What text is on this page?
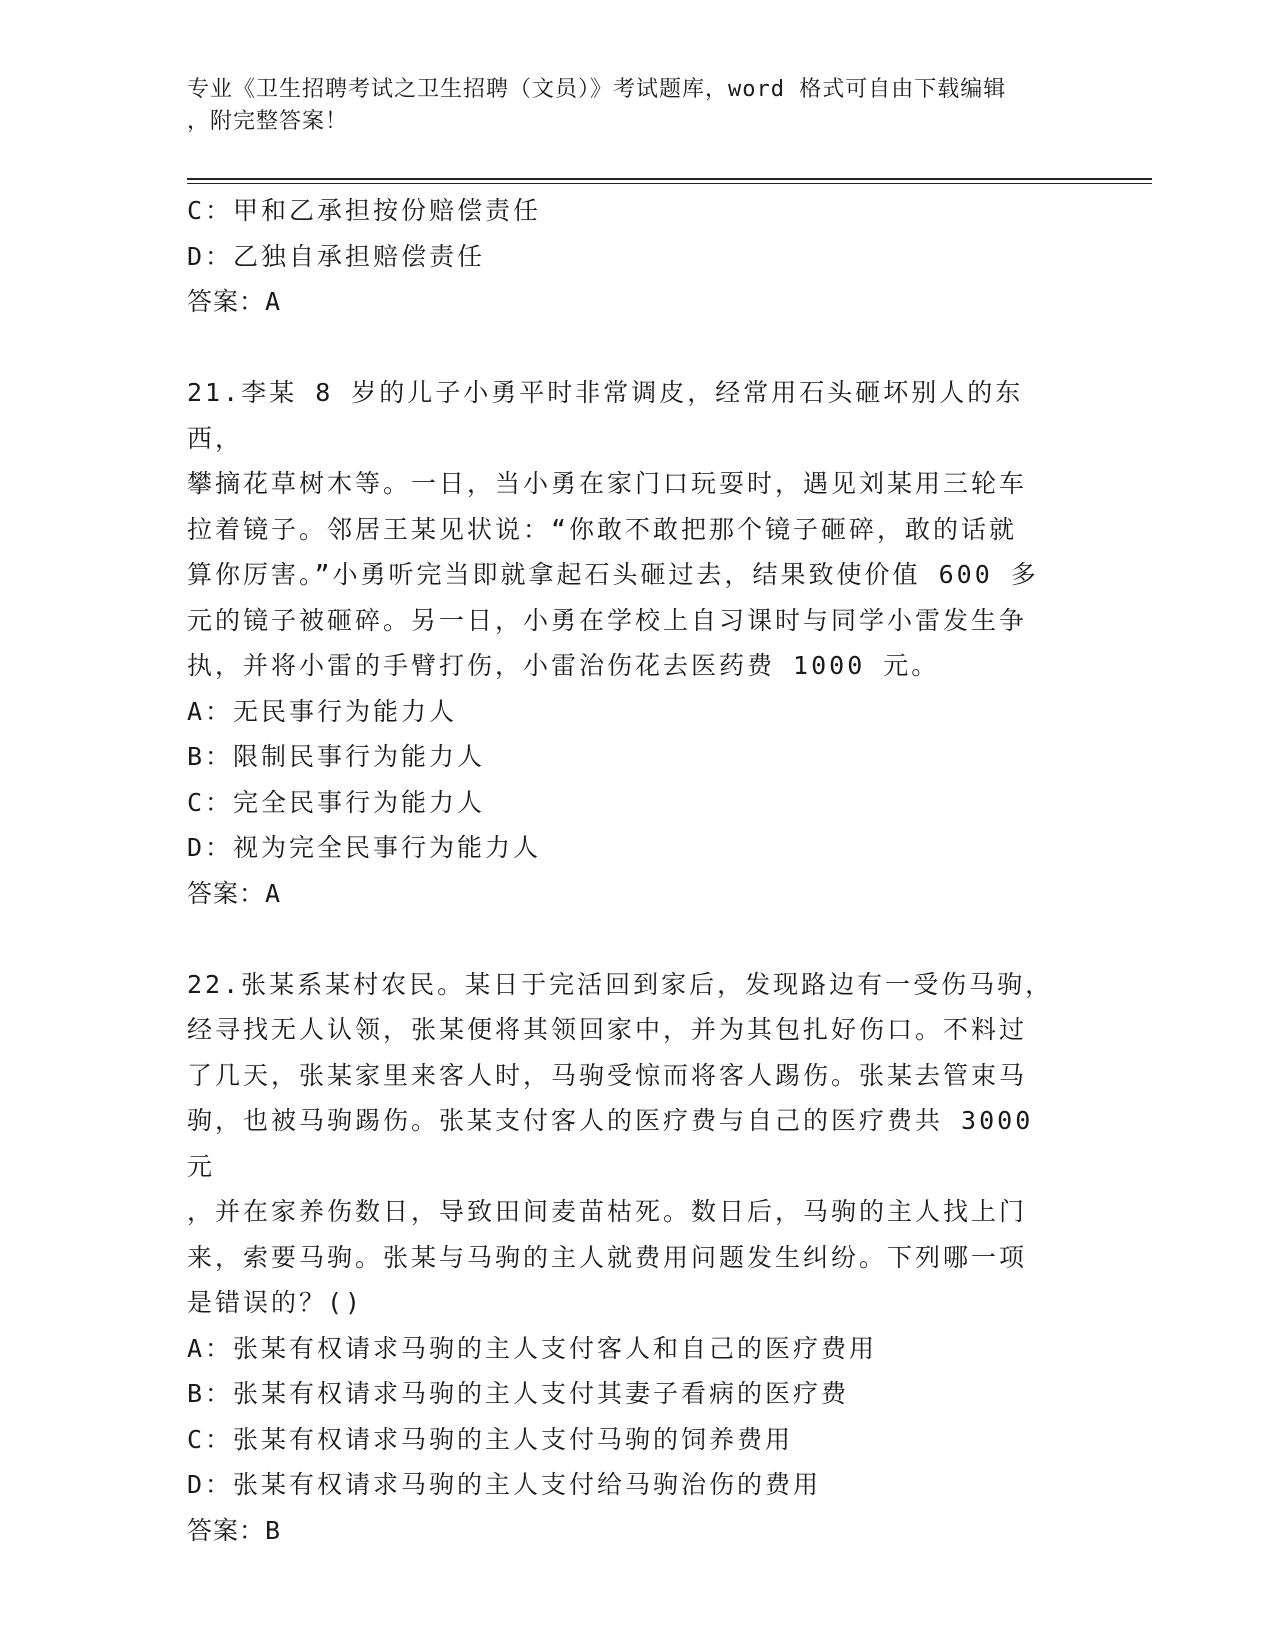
专业《卫生招聘考试之卫生招聘（文员）》考试题库，word 格式可自由下载编辑
，附完整答案！
C：甲和乙承担按份赔偿责任
D：乙独自承担赔偿责任
答案：A
21.李某 8 岁的儿子小勇平时非常调皮，经常用石头砸坏别人的东西，
攀摘花草树木等。一日，当小勇在家门口玩耍时，遇见刘某用三轮车
拉着镜子。邻居王某见状说：“你敢不敢把那个镜子砸碎，敢的话就
算你厉害。”小勇听完当即就拿起石头砸过去，结果致使价值 600 多
元的镜子被砸碎。另一日，小勇在学校上自习课时与同学小雷发生争
执，并将小雷的手臂打伤，小雷治伤花去医药费 1000 元。
A：无民事行为能力人
B：限制民事行为能力人
C：完全民事行为能力人
D：视为完全民事行为能力人
答案：A
22.张某系某村农民。某日于完活回到家后，发现路边有一受伤马驹，
经寻找无人认领，张某便将其领回家中，并为其包扎好伤口。不料过
了几天，张某家里来客人时，马驹受惊而将客人踢伤。张某去管束马
驹，也被马驹踢伤。张某支付客人的医疗费与自己的医疗费共 3000 元
，并在家养伤数日，导致田间麦苗枯死。数日后，马驹的主人找上门
来，索要马驹。张某与马驹的主人就费用问题发生纠纷。下列哪一项
是错误的？()
A：张某有权请求马驹的主人支付客人和自己的医疗费用
B：张某有权请求马驹的主人支付其妻子看病的医疗费
C：张某有权请求马驹的主人支付马驹的饲养费用
D：张某有权请求马驹的主人支付给马驹治伤的费用
答案：B
